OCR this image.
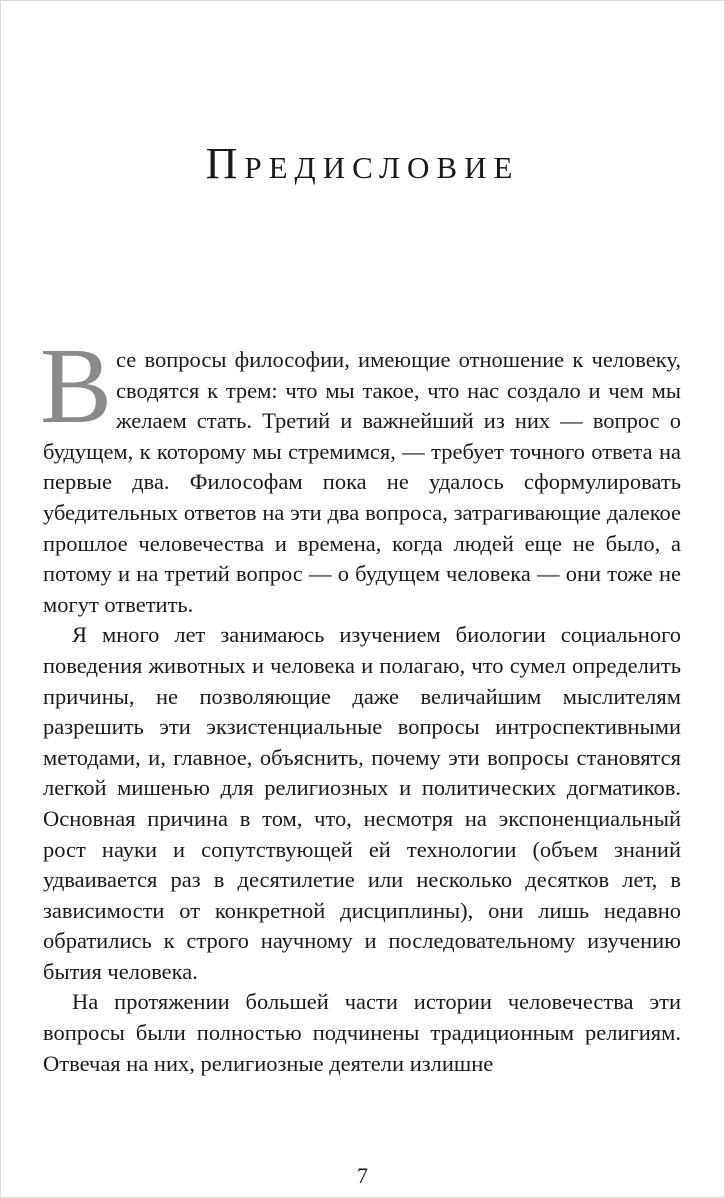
Предисловие

Все вопросы философии, имеющие отношение к человеку, сводятся к трем: что мы такое, что нас создало и чем мы желаем стать. Третий и важнейший из них — вопрос о будущем, к которому мы стремимся, — требует точного ответа на первые два. Философам пока не удалось сформулировать убедительных ответов на эти два вопроса, затрагивающие далекое прошлое человечества и времена, когда людей еще не было, а потому и на третий вопрос — о будущем человека — они тоже не могут ответить.

Я много лет занимаюсь изучением биологии социального поведения животных и человека и полагаю, что сумел определить причины, не позволяющие даже величайшим мыслителям разрешить эти экзистенциальные вопросы интроспективными методами, и, главное, объяснить, почему эти вопросы становятся легкой мишенью для религиозных и политических догматиков. Основная причина в том, что, несмотря на экспоненциальный рост науки и сопутствующей ей технологии (объем знаний удваивается раз в десятилетие или несколько десятков лет, в зависимости от конкретной дисциплины), они лишь недавно обратились к строго научному и последовательному изучению бытия человека.

На протяжении большей части истории человечества эти вопросы были полностью подчинены традиционным религиям. Отвечая на них, религиозные деятели излишне

7
